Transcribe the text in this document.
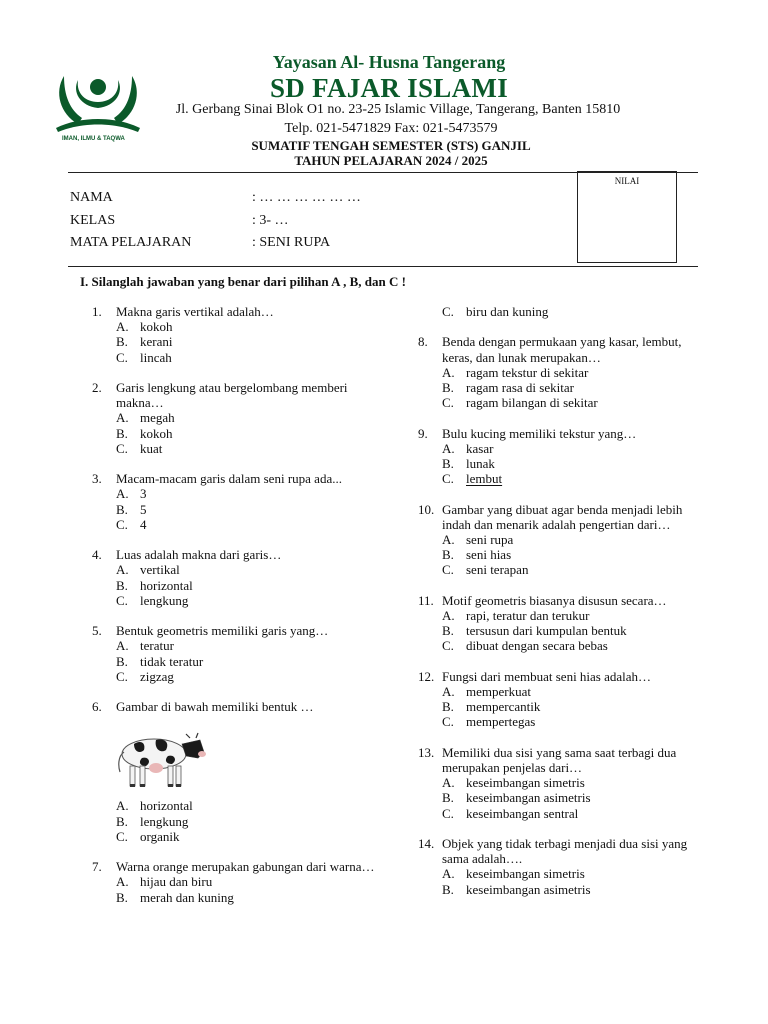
IMAN, ILMU & TAQWA
Yayasan Al- Husna Tangerang
SD FAJAR ISLAMI
Jl. Gerbang Sinai Blok O1 no. 23-25 Islamic Village, Tangerang, Banten 15810
Telp. 021-5471829 Fax: 021-5473579
SUMATIF TENGAH SEMESTER (STS) GANJIL
TAHUN PELAJARAN 2024 / 2025
NAMA	: … … … … … …
KELAS	: 3- …
MATA PELAJARAN	: SENI RUPA
NILAI
I. Silanglah jawaban yang benar dari pilihan A , B, dan C !
1. Makna garis vertikal adalah…
A. kokoh
B. kerani
C. lincah
2. Garis lengkung atau bergelombang memberi makna…
A. megah
B. kokoh
C. kuat
3. Macam-macam garis dalam seni rupa ada...
A. 3
B. 5
C. 4
4. Luas adalah makna dari garis…
A. vertikal
B. horizontal
C. lengkung
5. Bentuk geometris memiliki garis yang…
A. teratur
B. tidak teratur
C. zigzag
6. Gambar di bawah memiliki bentuk …
A. horizontal
B. lengkung
C. organik
7. Warna orange merupakan gabungan dari warna…
A. hijau dan biru
B. merah dan kuning
C. biru dan kuning
8. Benda dengan permukaan yang kasar, lembut, keras, dan lunak merupakan…
A. ragam tekstur di sekitar
B. ragam rasa di sekitar
C. ragam bilangan di sekitar
9. Bulu kucing memiliki tekstur yang…
A. kasar
B. lunak
C. lembut
10. Gambar yang dibuat agar benda menjadi lebih indah dan menarik adalah pengertian dari…
A. seni rupa
B. seni hias
C. seni terapan
11. Motif geometris biasanya disusun secara…
A. rapi, teratur dan terukur
B. tersusun dari kumpulan bentuk
C. dibuat dengan secara bebas
12. Fungsi dari membuat seni hias adalah…
A. memperkuat
B. mempercantik
C. mempertegas
13. Memiliki dua sisi yang sama saat terbagi dua merupakan penjelas dari…
A. keseimbangan simetris
B. keseimbangan asimetris
C. keseimbangan sentral
14. Objek yang tidak terbagi menjadi dua sisi yang sama adalah….
A. keseimbangan simetris
B. keseimbangan asimetris
